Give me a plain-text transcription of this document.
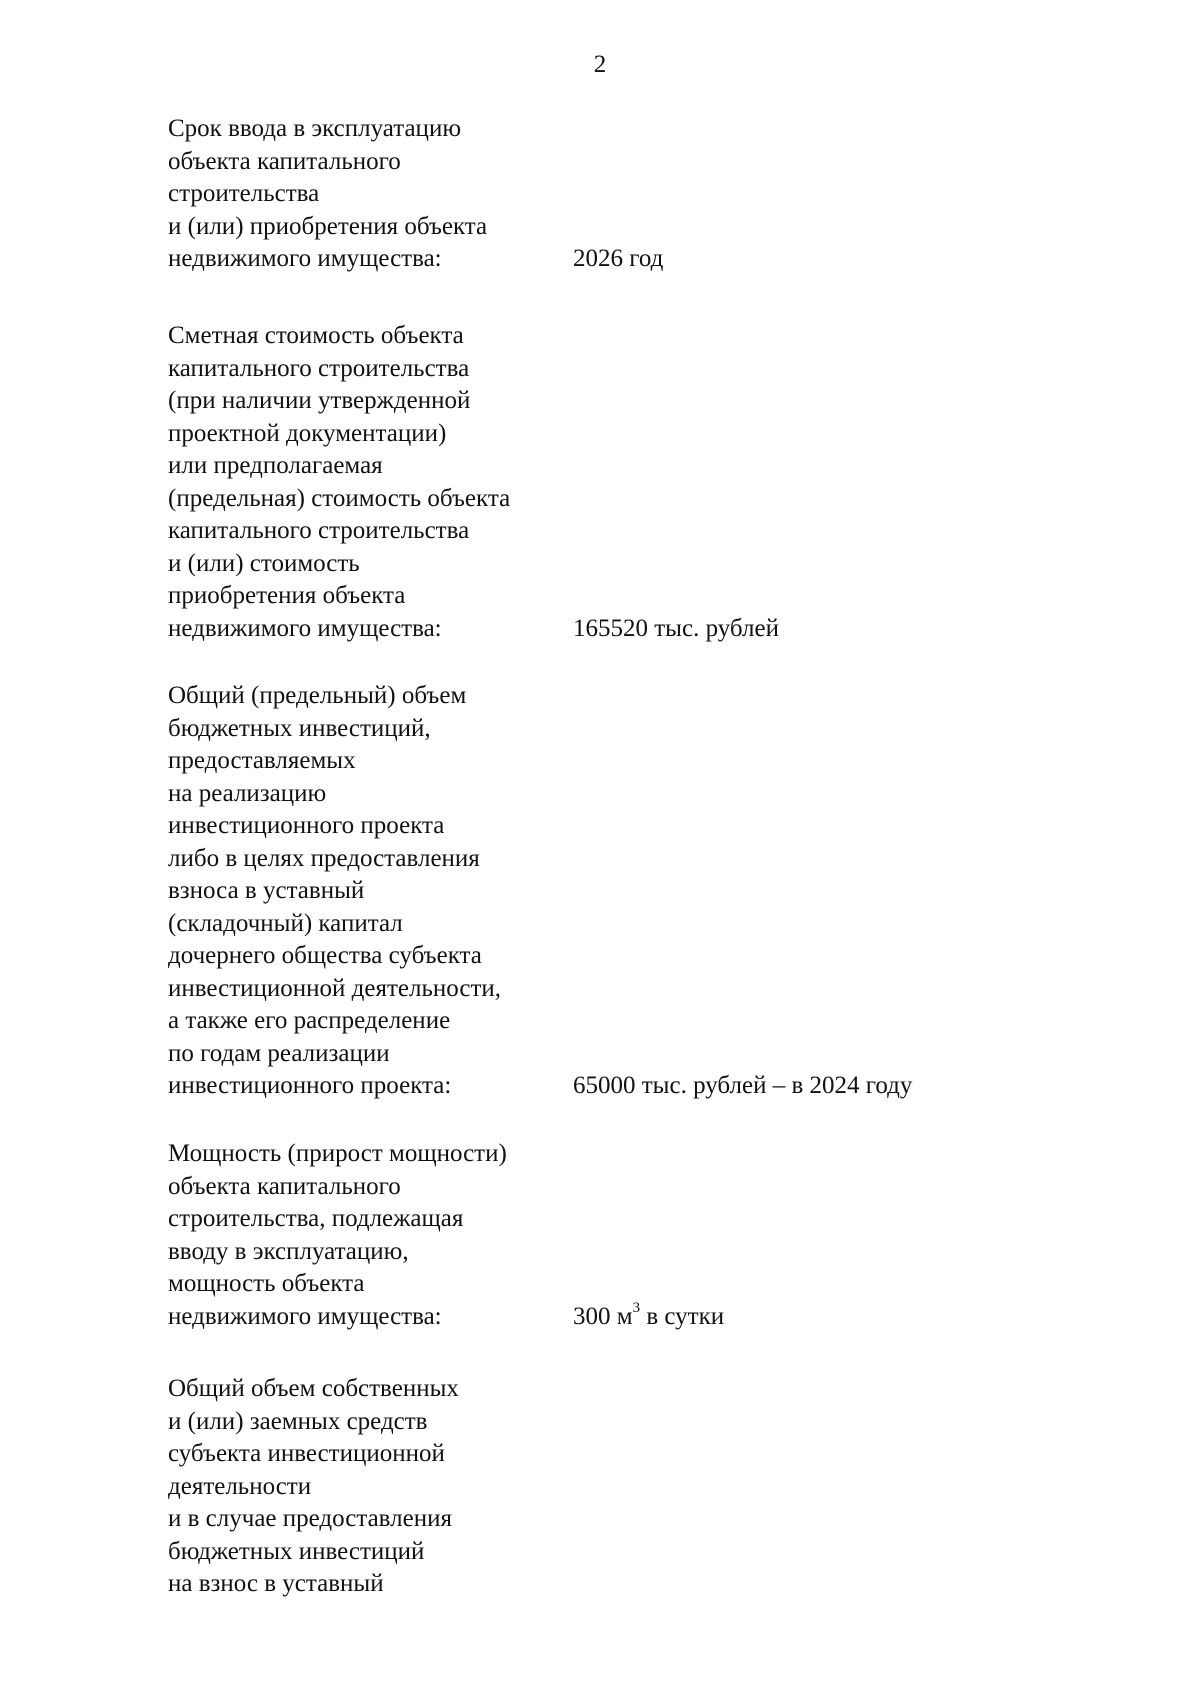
2
Срок ввода в эксплуатацию
объекта капитального
строительства
и (или) приобретения объекта
недвижимого имущества:	2026 год
Сметная стоимость объекта
капитального строительства
(при наличии утвержденной
проектной документации)
или предполагаемая
(предельная) стоимость объекта
капитального строительства
и (или) стоимость
приобретения объекта
недвижимого имущества:	165520 тыс. рублей
Общий (предельный) объем
бюджетных инвестиций,
предоставляемых
на реализацию
инвестиционного проекта
либо в целях предоставления
взноса в уставный
(складочный) капитал
дочернего общества субъекта
инвестиционной деятельности,
а также его распределение
по годам реализации
инвестиционного проекта:	65000 тыс. рублей – в 2024 году
Мощность (прирост мощности)
объекта капитального
строительства, подлежащая
вводу в эксплуатацию,
мощность объекта
недвижимого имущества:	300 $м^3$ в сутки
Общий объем собственных
и (или) заемных средств
субъекта инвестиционной
деятельности
и в случае предоставления
бюджетных инвестиций
на взнос в уставный
